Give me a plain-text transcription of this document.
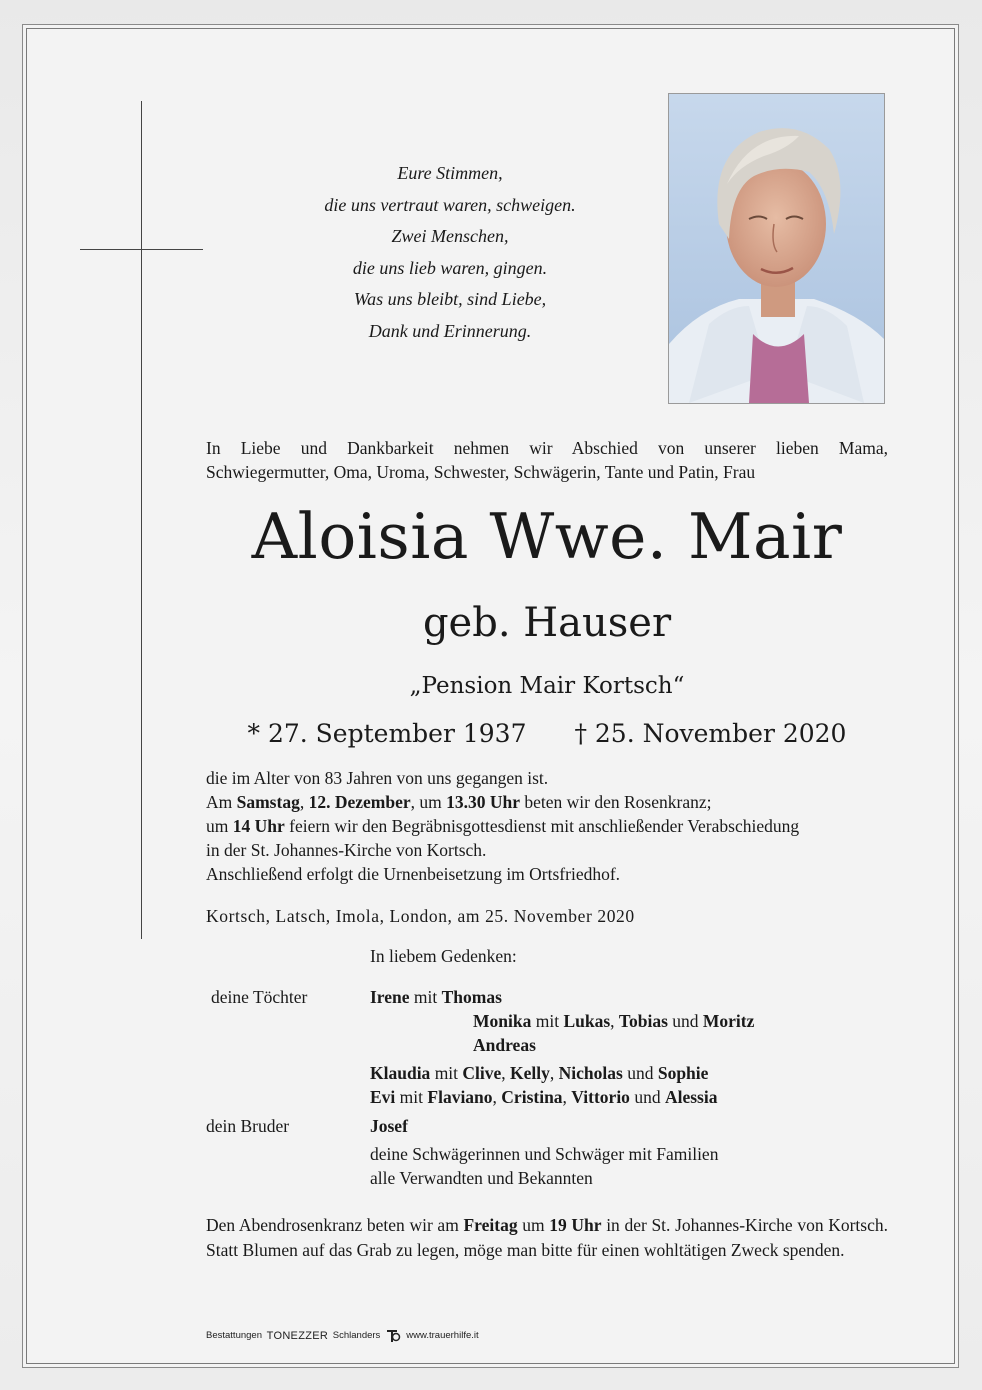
Eure Stimmen,
die uns vertraut waren, schweigen.
Zwei Menschen,
die uns lieb waren, gingen.
Was uns bleibt, sind Liebe,
Dank und Erinnerung.
In Liebe und Dankbarkeit nehmen wir Abschied von unserer lieben Mama,
Schwiegermutter, Oma, Uroma, Schwester, Schwägerin, Tante und Patin, Frau
Aloisia Wwe. Mair
geb. Hauser
„Pension Mair Kortsch“
* 27. September 1937 † 25. November 2020
die im Alter von 83 Jahren von uns gegangen ist.
Am Samstag, 12. Dezember, um 13.30 Uhr beten wir den Rosenkranz;
um 14 Uhr feiern wir den Begräbnisgottesdienst mit anschließender Verabschiedung
in der St. Johannes-Kirche von Kortsch.
Anschließend erfolgt die Urnenbeisetzung im Ortsfriedhof.
Kortsch, Latsch, Imola, London, am 25. November 2020
In liebem Gedenken:
deine Töchter	Irene mit Thomas
Monika mit Lukas, Tobias und Moritz
Andreas
Klaudia mit Clive, Kelly, Nicholas und Sophie
Evi mit Flaviano, Cristina, Vittorio und Alessia
dein Bruder	Josef
deine Schwägerinnen und Schwäger mit Familien
alle Verwandten und Bekannten
Den Abendrosenkranz beten wir am Freitag um 19 Uhr in der St. Johannes-Kirche von Kortsch. Statt Blumen auf das Grab zu legen, möge man bitte für einen wohltätigen Zweck spenden.
Bestattungen
TONEZZER
Schlanders	www.trauerhilfe.it
